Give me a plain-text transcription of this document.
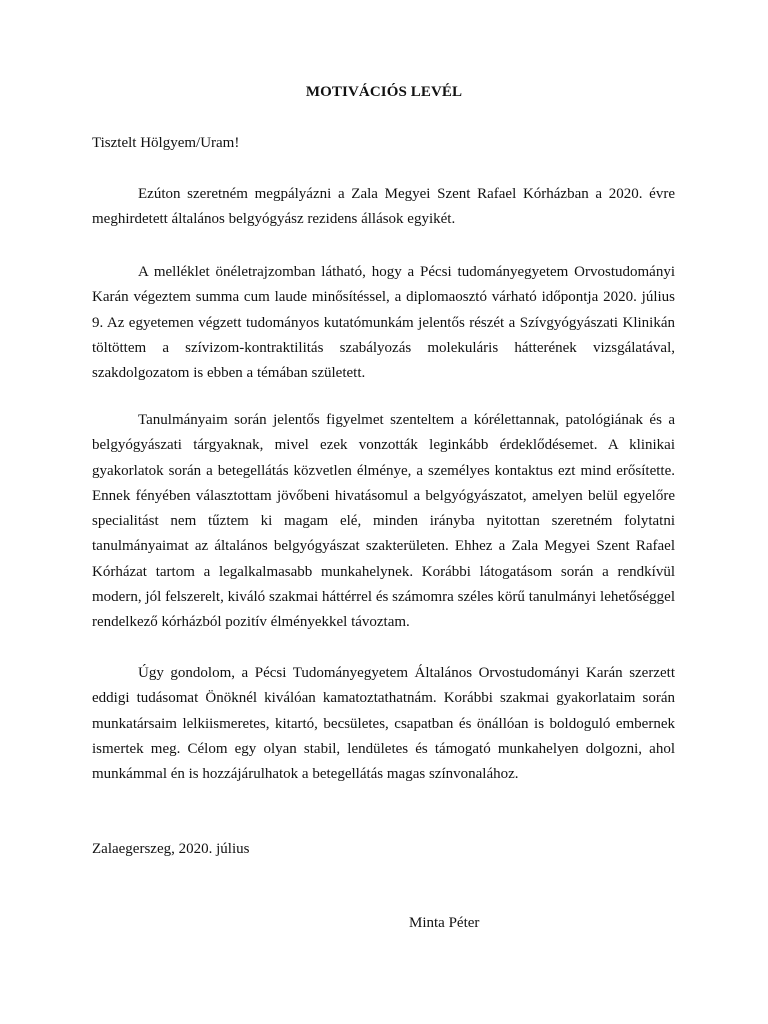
MOTIVÁCIÓS LEVÉL
Tisztelt Hölgyem/Uram!

Ezúton szeretném megpályázni a Zala Megyei Szent Rafael Kórházban a 2020. évre meghirdetett általános belgyógyász rezidens állások egyikét.

A melléklet önéletrajzomban látható, hogy a Pécsi tudományegyetem Orvostudományi Karán végeztem summa cum laude minősítéssel, a diplomaosztó várható időpontja 2020. július 9. Az egyetemen végzett tudományos kutatómunkám jelentős részét a Szívgyógyászati Klinikán töltöttem a szívizom-kontraktilitás szabályozás molekuláris hátterének vizsgálatával, szakdolgozatom is ebben a témában született.

Tanulmányaim során jelentős figyelmet szenteltem a kórélettannak, patológiának és a belgyógyászati tárgyaknak, mivel ezek vonzották leginkább érdeklődésemet. A klinikai gyakorlatok során a betegellátás közvetlen élménye, a személyes kontaktus ezt mind erősítette. Ennek fényében választottam jövőbeni hivatásomul a belgyógyászatot, amelyen belül egyelőre specialitást nem tűztem ki magam elé, minden irányba nyitottan szeretném folytatni tanulmányaimat az általános belgyógyászat szakterületen. Ehhez a Zala Megyei Szent Rafael Kórházat tartom a legalkalmasabb munkahelynek. Korábbi látogatásom során a rendkívül modern, jól felszerelt, kiváló szakmai háttérrel és számomra széles körű tanulmányi lehetőséggel rendelkező kórházból pozitív élményekkel távoztam.

Úgy gondolom, a Pécsi Tudományegyetem Általános Orvostudományi Karán szerzett eddigi tudásomat Önöknél kiválóan kamatoztathatnám. Korábbi szakmai gyakorlataim során munkatársaim lelkiismeretes, kitartó, becsületes, csapatban és önállóan is boldoguló embernek ismertek meg. Célom egy olyan stabil, lendületes és támogató munkahelyen dolgozni, ahol munkámmal én is hozzájárulhatok a betegellátás magas színvonalához.

Zalaegerszeg, 2020. július
Minta Péter
